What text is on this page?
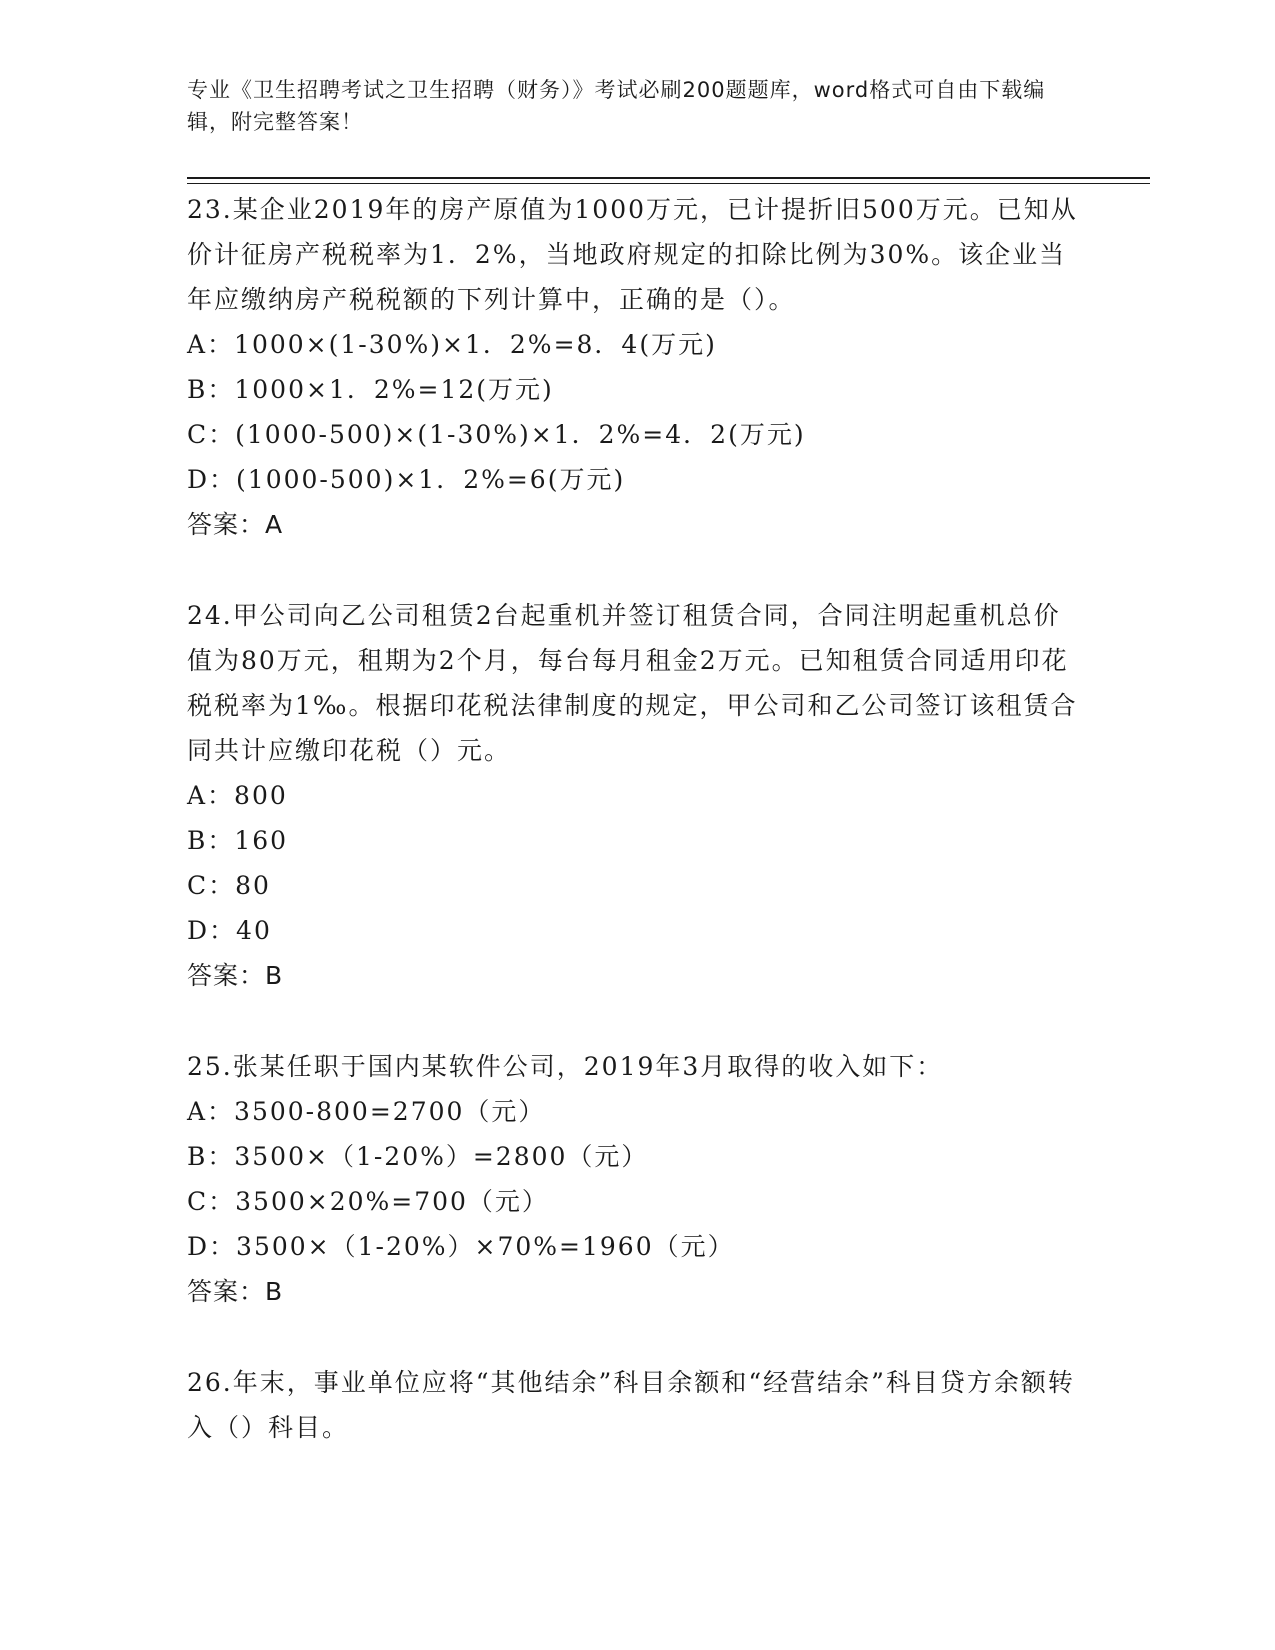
专业《卫生招聘考试之卫生招聘（财务）》考试必刷200题题库，word格式可自由下载编辑，附完整答案！

23.某企业2019年的房产原值为1000万元，已计提折旧500万元。已知从价计征房产税税率为1．2%，当地政府规定的扣除比例为30%。该企业当年应缴纳房产税税额的下列计算中，正确的是（）。

A：1000×(1-30%)×1．2%=8．4(万元)

B：1000×1．2%=12(万元)

C：(1000-500)×(1-30%)×1．2%=4．2(万元)

D：(1000-500)×1．2%=6(万元)

答案：A

24.甲公司向乙公司租赁2台起重机并签订租赁合同，合同注明起重机总价值为80万元，租期为2个月，每台每月租金2万元。已知租赁合同适用印花税税率为1‰。根据印花税法律制度的规定，甲公司和乙公司签订该租赁合同共计应缴印花税（）元。

A：800

B：160

C：80

D：40

答案：B

25.张某任职于国内某软件公司，2019年3月取得的收入如下：

A：3500-800=2700（元）

B：3500×（1-20%）=2800（元）

C：3500×20%=700（元）

D：3500×（1-20%）×70%=1960（元）

答案：B

26.年末，事业单位应将“其他结余”科目余额和“经营结余”科目贷方余额转入（）科目。
